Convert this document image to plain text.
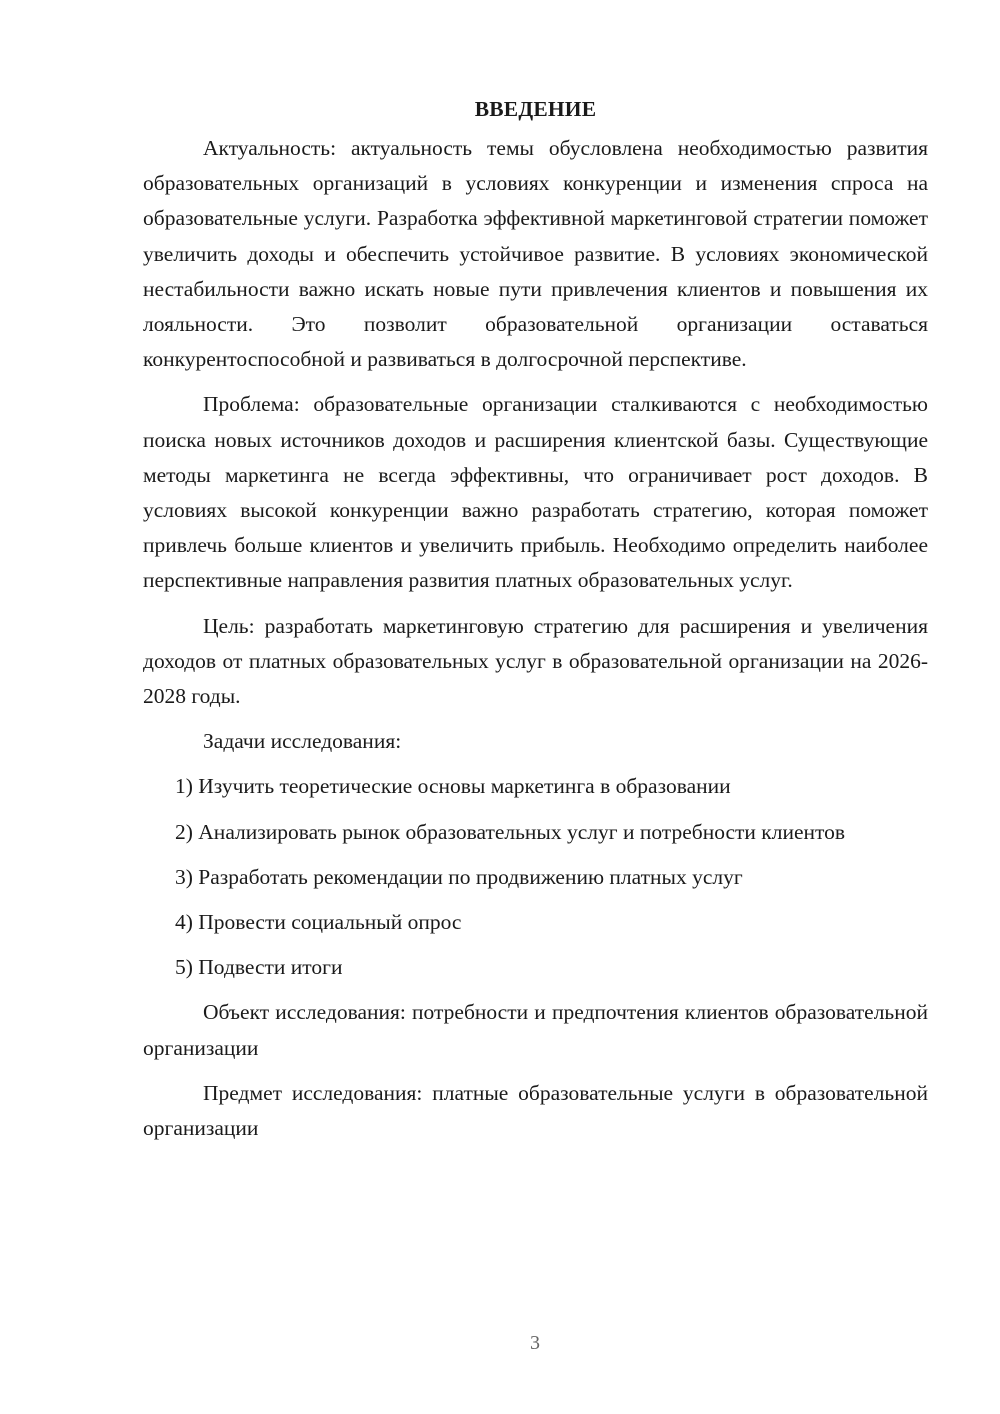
ВВЕДЕНИЕ

Актуальность: актуальность темы обусловлена необходимостью развития образовательных организаций в условиях конкуренции и изменения спроса на образовательные услуги. Разработка эффективной маркетинговой стратегии поможет увеличить доходы и обеспечить устойчивое развитие. В условиях экономической нестабильности важно искать новые пути привлечения клиентов и повышения их лояльности. Это позволит образовательной организации оставаться конкурентоспособной и развиваться в долгосрочной перспективе.

Проблема: образовательные организации сталкиваются с необходимостью поиска новых источников доходов и расширения клиентской базы. Существующие методы маркетинга не всегда эффективны, что ограничивает рост доходов. В условиях высокой конкуренции важно разработать стратегию, которая поможет привлечь больше клиентов и увеличить прибыль. Необходимо определить наиболее перспективные направления развития платных образовательных услуг.

Цель: разработать маркетинговую стратегию для расширения и увеличения доходов от платных образовательных услуг в образовательной организации на 2026-2028 годы.

Задачи исследования:

1) Изучить теоретические основы маркетинга в образовании

2) Анализировать рынок образовательных услуг и потребности клиентов

3) Разработать рекомендации по продвижению платных услуг

4) Провести социальный опрос

5) Подвести итоги

Объект исследования: потребности и предпочтения клиентов образовательной организации

Предмет исследования: платные образовательные услуги в образовательной организации

3
